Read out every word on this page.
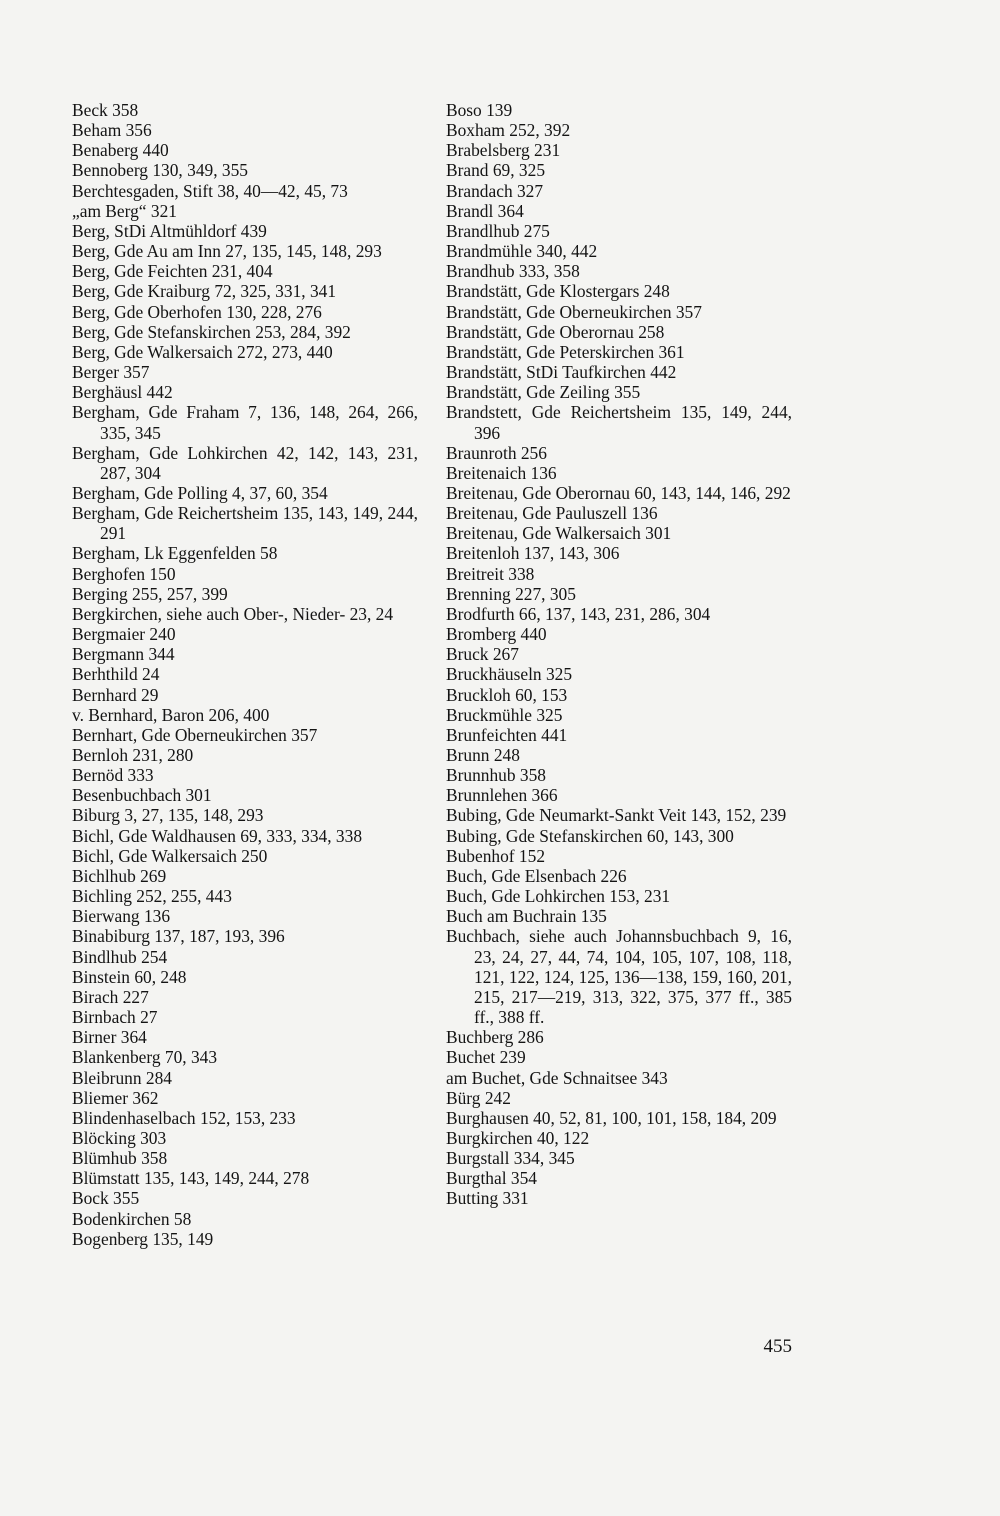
Beck 358
Beham 356
Benaberg 440
Bennoberg 130, 349, 355
Berchtesgaden, Stift 38, 40—42, 45, 73
„am Berg“ 321
Berg, StDi Altmühldorf 439
Berg, Gde Au am Inn 27, 135, 145, 148, 293
Berg, Gde Feichten 231, 404
Berg, Gde Kraiburg 72, 325, 331, 341
Berg, Gde Oberhofen 130, 228, 276
Berg, Gde Stefanskirchen 253, 284, 392
Berg, Gde Walkersaich 272, 273, 440
Berger 357
Berghäusl 442
Bergham, Gde Fraham 7, 136, 148, 264, 266, 335, 345
Bergham, Gde Lohkirchen 42, 142, 143, 231, 287, 304
Bergham, Gde Polling 4, 37, 60, 354
Bergham, Gde Reichertsheim 135, 143, 149, 244, 291
Bergham, Lk Eggenfelden 58
Berghofen 150
Berging 255, 257, 399
Bergkirchen, siehe auch Ober-, Nieder- 23, 24
Bergmaier 240
Bergmann 344
Berhthild 24
Bernhard 29
v. Bernhard, Baron 206, 400
Bernhart, Gde Oberneukirchen 357
Bernloh 231, 280
Bernöd 333
Besenbuchbach 301
Biburg 3, 27, 135, 148, 293
Bichl, Gde Waldhausen 69, 333, 334, 338
Bichl, Gde Walkersaich 250
Bichlhub 269
Bichling 252, 255, 443
Bierwang 136
Binabiburg 137, 187, 193, 396
Bindlhub 254
Binstein 60, 248
Birach 227
Birnbach 27
Birner 364
Blankenberg 70, 343
Bleibrunn 284
Bliemer 362
Blindenhaselbach 152, 153, 233
Blöcking 303
Blümhub 358
Blümstatt 135, 143, 149, 244, 278
Bock 355
Bodenkirchen 58
Bogenberg 135, 149
Boso 139
Boxham 252, 392
Brabelsberg 231
Brand 69, 325
Brandach 327
Brandl 364
Brandlhub 275
Brandmühle 340, 442
Brandhub 333, 358
Brandstätt, Gde Klostergars 248
Brandstätt, Gde Oberneukirchen 357
Brandstätt, Gde Oberornau 258
Brandstätt, Gde Peterskirchen 361
Brandstätt, StDi Taufkirchen 442
Brandstätt, Gde Zeiling 355
Brandstett, Gde Reichertsheim 135, 149, 244, 396
Braunroth 256
Breitenaich 136
Breitenau, Gde Oberornau 60, 143, 144, 146, 292
Breitenau, Gde Pauluszell 136
Breitenau, Gde Walkersaich 301
Breitenloh 137, 143, 306
Breitreit 338
Brenning 227, 305
Brodfurth 66, 137, 143, 231, 286, 304
Bromberg 440
Bruck 267
Bruckhäuseln 325
Bruckloh 60, 153
Bruckmühle 325
Brunfeichten 441
Brunn 248
Brunnhub 358
Brunnlehen 366
Bubing, Gde Neumarkt-Sankt Veit 143, 152, 239
Bubing, Gde Stefanskirchen 60, 143, 300
Bubenhof 152
Buch, Gde Elsenbach 226
Buch, Gde Lohkirchen 153, 231
Buch am Buchrain 135
Buchbach, siehe auch Johannsbuchbach 9, 16, 23, 24, 27, 44, 74, 104, 105, 107, 108, 118, 121, 122, 124, 125, 136—138, 159, 160, 201, 215, 217—219, 313, 322, 375, 377 ff., 385 ff., 388 ff.
Buchberg 286
Buchet 239
am Buchet, Gde Schnaitsee 343
Bürg 242
Burghausen 40, 52, 81, 100, 101, 158, 184, 209
Burgkirchen 40, 122
Burgstall 334, 345
Burgthal 354
Butting 331
455
